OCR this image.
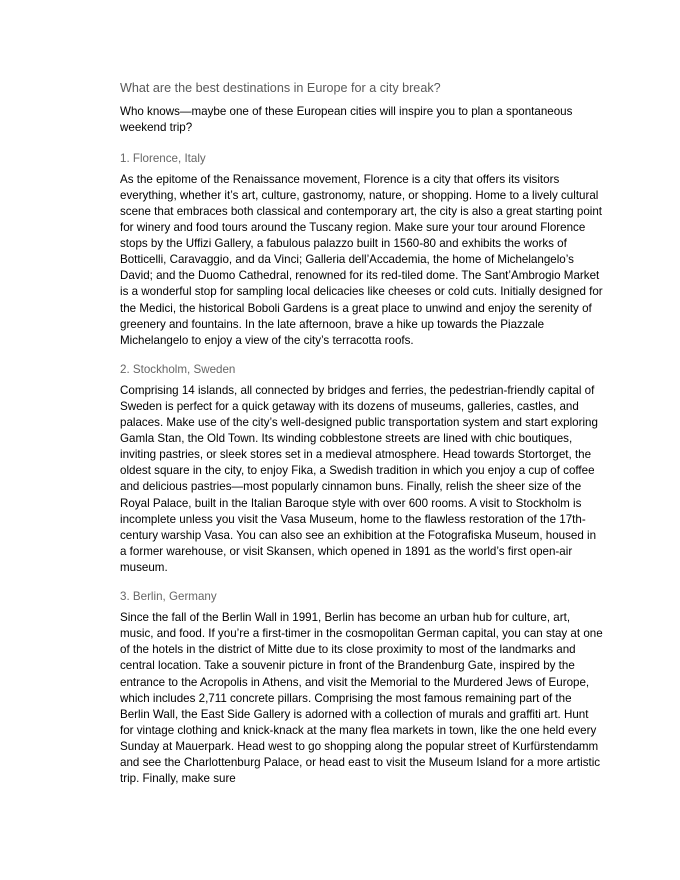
What are the best destinations in Europe for a city break?

Who knows—maybe one of these European cities will inspire you to plan a spontaneous weekend trip?

1. Florence, Italy

As the epitome of the Renaissance movement, Florence is a city that offers its visitors everything, whether it’s art, culture, gastronomy, nature, or shopping. Home to a lively cultural scene that embraces both classical and contemporary art, the city is also a great starting point for winery and food tours around the Tuscany region. Make sure your tour around Florence stops by the Uffizi Gallery, a fabulous palazzo built in 1560-80 and exhibits the works of Botticelli, Caravaggio, and da Vinci; Galleria dell’Accademia, the home of Michelangelo’s David; and the Duomo Cathedral, renowned for its red-tiled dome. The Sant’Ambrogio Market is a wonderful stop for sampling local delicacies like cheeses or cold cuts. Initially designed for the Medici, the historical Boboli Gardens is a great place to unwind and enjoy the serenity of greenery and fountains. In the late afternoon, brave a hike up towards the Piazzale Michelangelo to enjoy a view of the city’s terracotta roofs.

2. Stockholm, Sweden

Comprising 14 islands, all connected by bridges and ferries, the pedestrian-friendly capital of Sweden is perfect for a quick getaway with its dozens of museums, galleries, castles, and palaces. Make use of the city’s well-designed public transportation system and start exploring Gamla Stan, the Old Town. Its winding cobblestone streets are lined with chic boutiques, inviting pastries, or sleek stores set in a medieval atmosphere. Head towards Stortorget, the oldest square in the city, to enjoy Fika, a Swedish tradition in which you enjoy a cup of coffee and delicious pastries—most popularly cinnamon buns. Finally, relish the sheer size of the Royal Palace, built in the Italian Baroque style with over 600 rooms. A visit to Stockholm is incomplete unless you visit the Vasa Museum, home to the flawless restoration of the 17th-century warship Vasa. You can also see an exhibition at the Fotografiska Museum, housed in a former warehouse, or visit Skansen, which opened in 1891 as the world’s first open-air museum.

3. Berlin, Germany

Since the fall of the Berlin Wall in 1991, Berlin has become an urban hub for culture, art, music, and food. If you’re a first-timer in the cosmopolitan German capital, you can stay at one of the hotels in the district of Mitte due to its close proximity to most of the landmarks and central location. Take a souvenir picture in front of the Brandenburg Gate, inspired by the entrance to the Acropolis in Athens, and visit the Memorial to the Murdered Jews of Europe, which includes 2,711 concrete pillars. Comprising the most famous remaining part of the Berlin Wall, the East Side Gallery is adorned with a collection of murals and graffiti art. Hunt for vintage clothing and knick-knack at the many flea markets in town, like the one held every Sunday at Mauerpark. Head west to go shopping along the popular street of Kurfürstendamm and see the Charlottenburg Palace, or head east to visit the Museum Island for a more artistic trip. Finally, make sure
